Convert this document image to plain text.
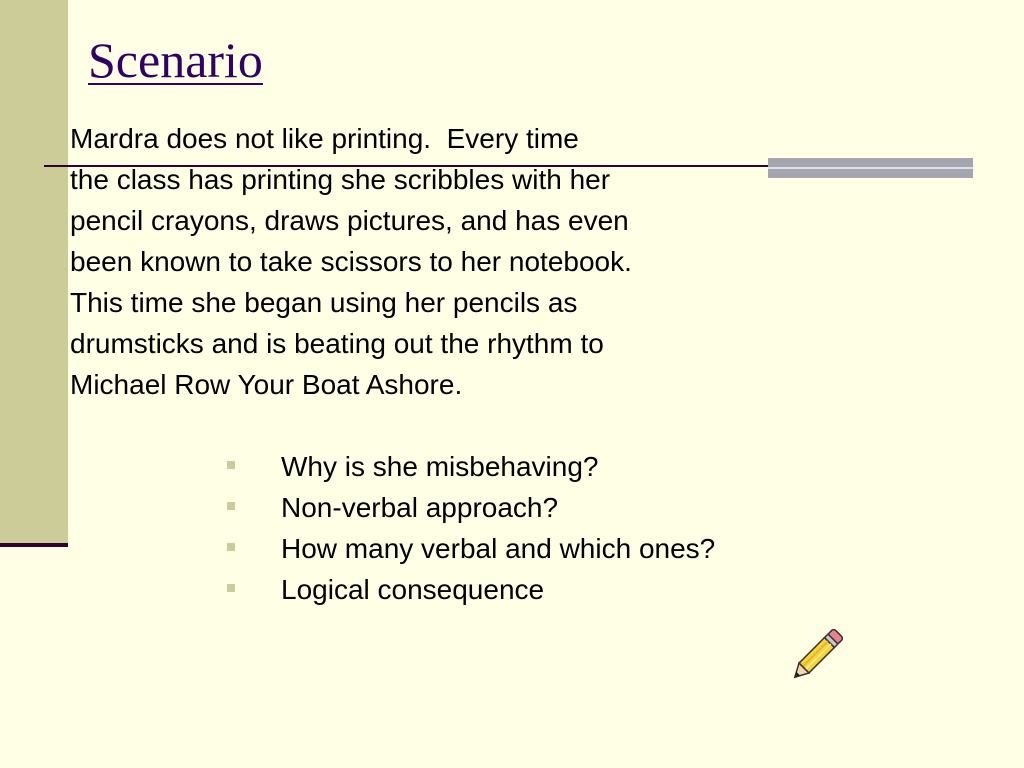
Scenario
Mardra does not like printing.  Every time
the class has printing she scribbles with her
pencil crayons, draws pictures, and has even
been known to take scissors to her notebook.
This time she began using her pencils as
drumsticks and is beating out the rhythm to
Michael Row Your Boat Ashore.
Why is she misbehaving?
Non-verbal approach?
How many verbal and which ones?
Logical consequence
